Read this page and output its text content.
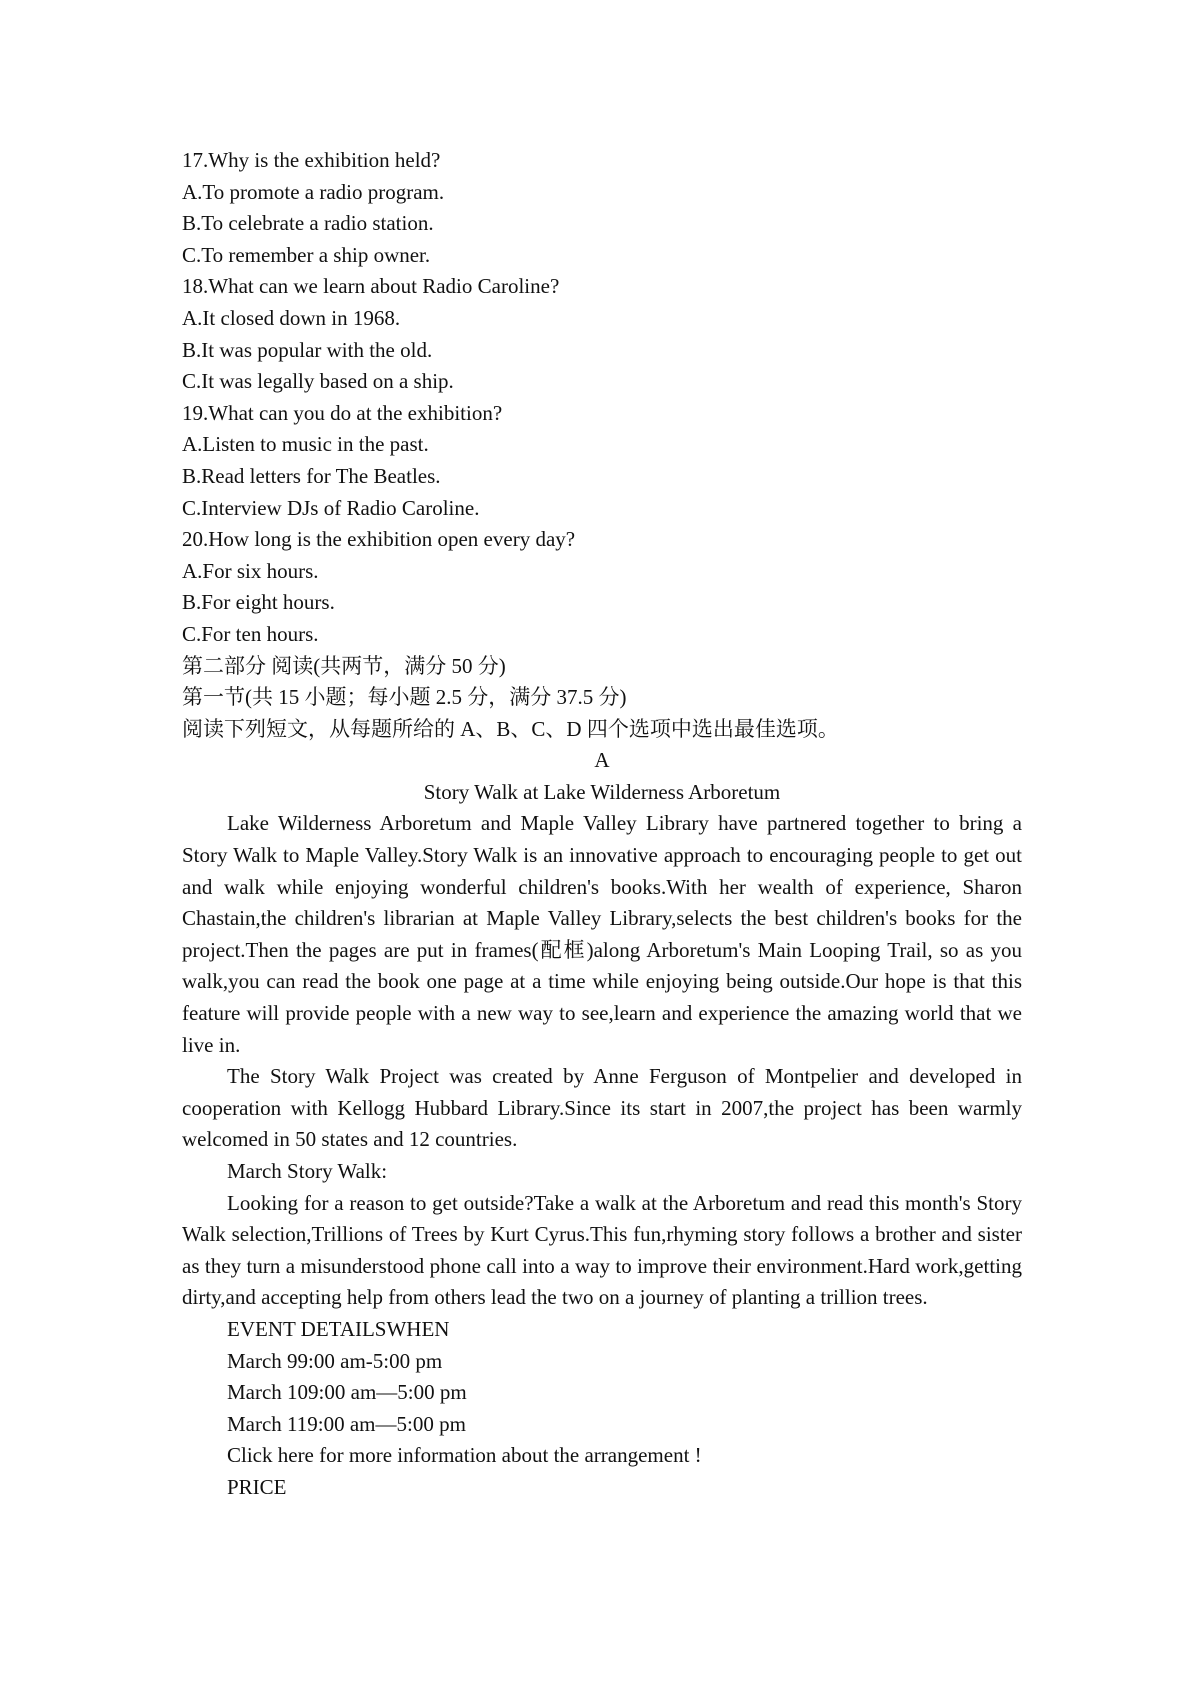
17.Why is the exhibition held?

A.To promote a radio program.

B.To celebrate a radio station.

C.To remember a ship owner.

18.What can we learn about Radio Caroline?

A.It closed down in 1968.

B.It was popular with the old.

C.It was legally based on a ship.

19.What can you do at the exhibition?

A.Listen to music in the past.

B.Read letters for The Beatles.

C.Interview DJs of Radio Caroline.

20.How long is the exhibition open every day?

A.For six hours.

B.For eight hours.

C.For ten hours.

第二部分 阅读(共两节，满分 50 分)

第一节(共 15 小题；每小题 2.5 分，满分 37.5 分)

阅读下列短文，从每题所给的 A、B、C、D 四个选项中选出最佳选项。

A

Story Walk at Lake Wilderness Arboretum

Lake Wilderness Arboretum and Maple Valley Library have partnered together to bring a Story Walk to Maple Valley.Story Walk is an innovative approach to encouraging people to get out and walk while enjoying wonderful children's books.With her wealth of experience, Sharon Chastain,the children's librarian at Maple Valley Library,selects the best children's books for the project.Then the pages are put in frames(配框)along Arboretum's Main Looping Trail, so as you walk,you can read the book one page at a time while enjoying being outside.Our hope is that this feature will provide people with a new way to see,learn and experience the amazing world that we live in.

The Story Walk Project was created by Anne Ferguson of Montpelier and developed in cooperation with Kellogg Hubbard Library.Since its start in 2007,the project has been warmly welcomed in 50 states and 12 countries.

March Story Walk:

Looking for a reason to get outside?Take a walk at the Arboretum and read this month's Story Walk selection,Trillions of Trees by Kurt Cyrus.This fun,rhyming story follows a brother and sister as they turn a misunderstood phone call into a way to improve their environment.Hard work,getting dirty,and accepting help from others lead the two on a journey of planting a trillion trees.

EVENT DETAILSWHEN

March 99:00 am-5:00 pm

March 109:00 am—5:00 pm

March 119:00 am—5:00 pm

Click here for more information about the arrangement !

PRICE
